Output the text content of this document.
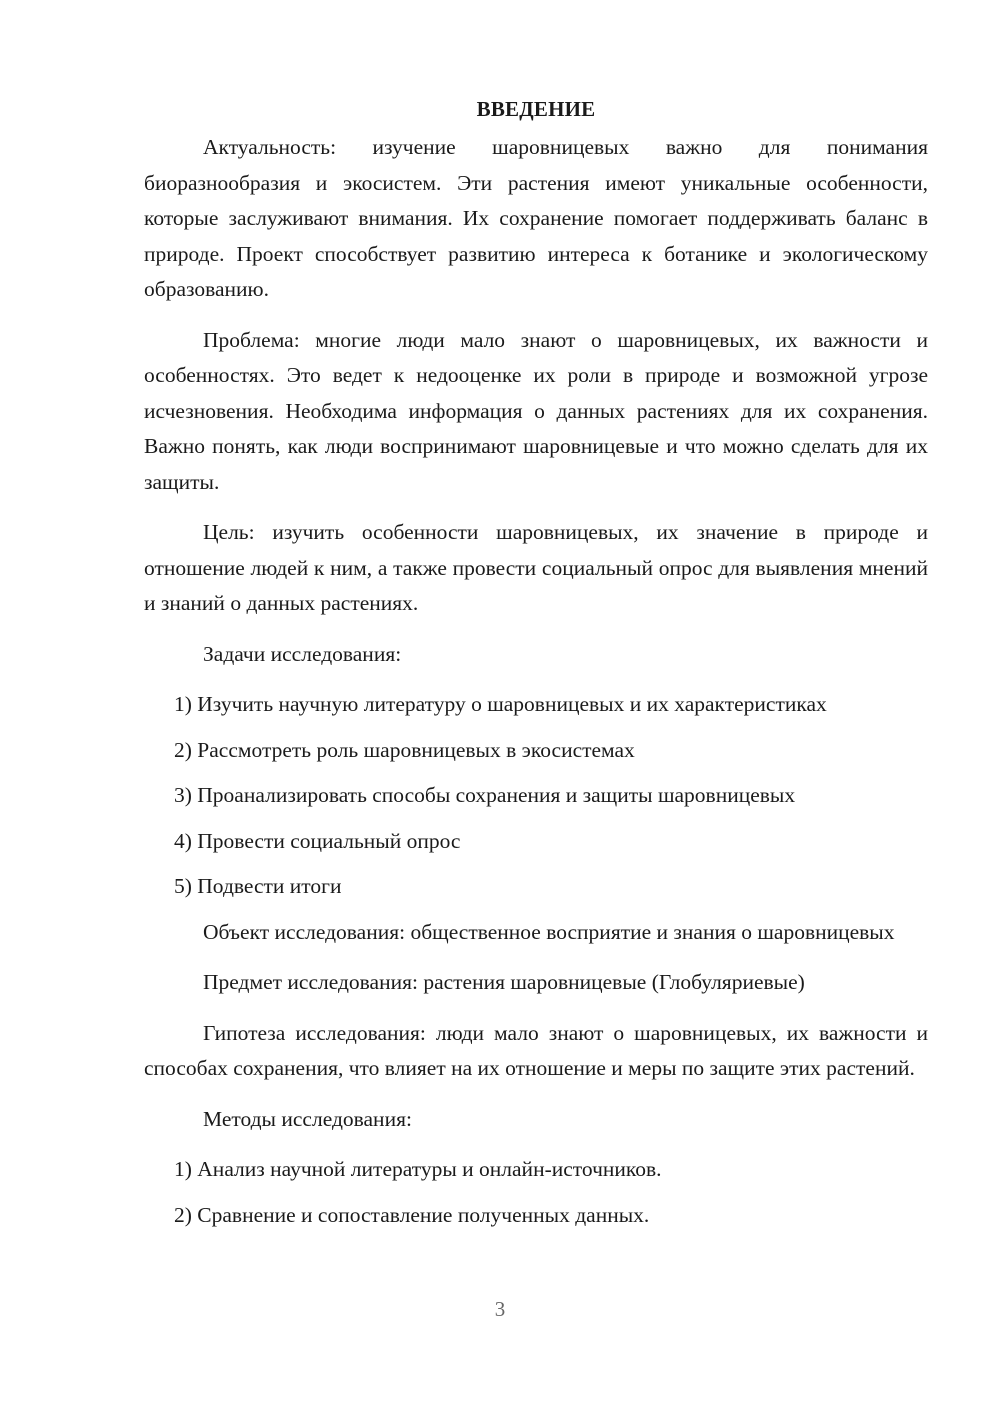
ВВЕДЕНИЕ

Актуальность: изучение шаровницевых важно для понимания биоразнообразия и экосистем. Эти растения имеют уникальные особенности, которые заслуживают внимания. Их сохранение помогает поддерживать баланс в природе. Проект способствует развитию интереса к ботанике и экологическому образованию.

Проблема: многие люди мало знают о шаровницевых, их важности и особенностях. Это ведет к недооценке их роли в природе и возможной угрозе исчезновения. Необходима информация о данных растениях для их сохранения. Важно понять, как люди воспринимают шаровницевые и что можно сделать для их защиты.

Цель: изучить особенности шаровницевых, их значение в природе и отношение людей к ним, а также провести социальный опрос для выявления мнений и знаний о данных растениях.

Задачи исследования:

1) Изучить научную литературу о шаровницевых и их характеристиках

2) Рассмотреть роль шаровницевых в экосистемах

3) Проанализировать способы сохранения и защиты шаровницевых

4) Провести социальный опрос

5) Подвести итоги

Объект исследования: общественное восприятие и знания о шаровницевых

Предмет исследования: растения шаровницевые (Глобуляриевые)

Гипотеза исследования: люди мало знают о шаровницевых, их важности и способах сохранения, что влияет на их отношение и меры по защите этих растений.

Методы исследования:

1) Анализ научной литературы и онлайн-источников.

2) Сравнение и сопоставление полученных данных.

3
